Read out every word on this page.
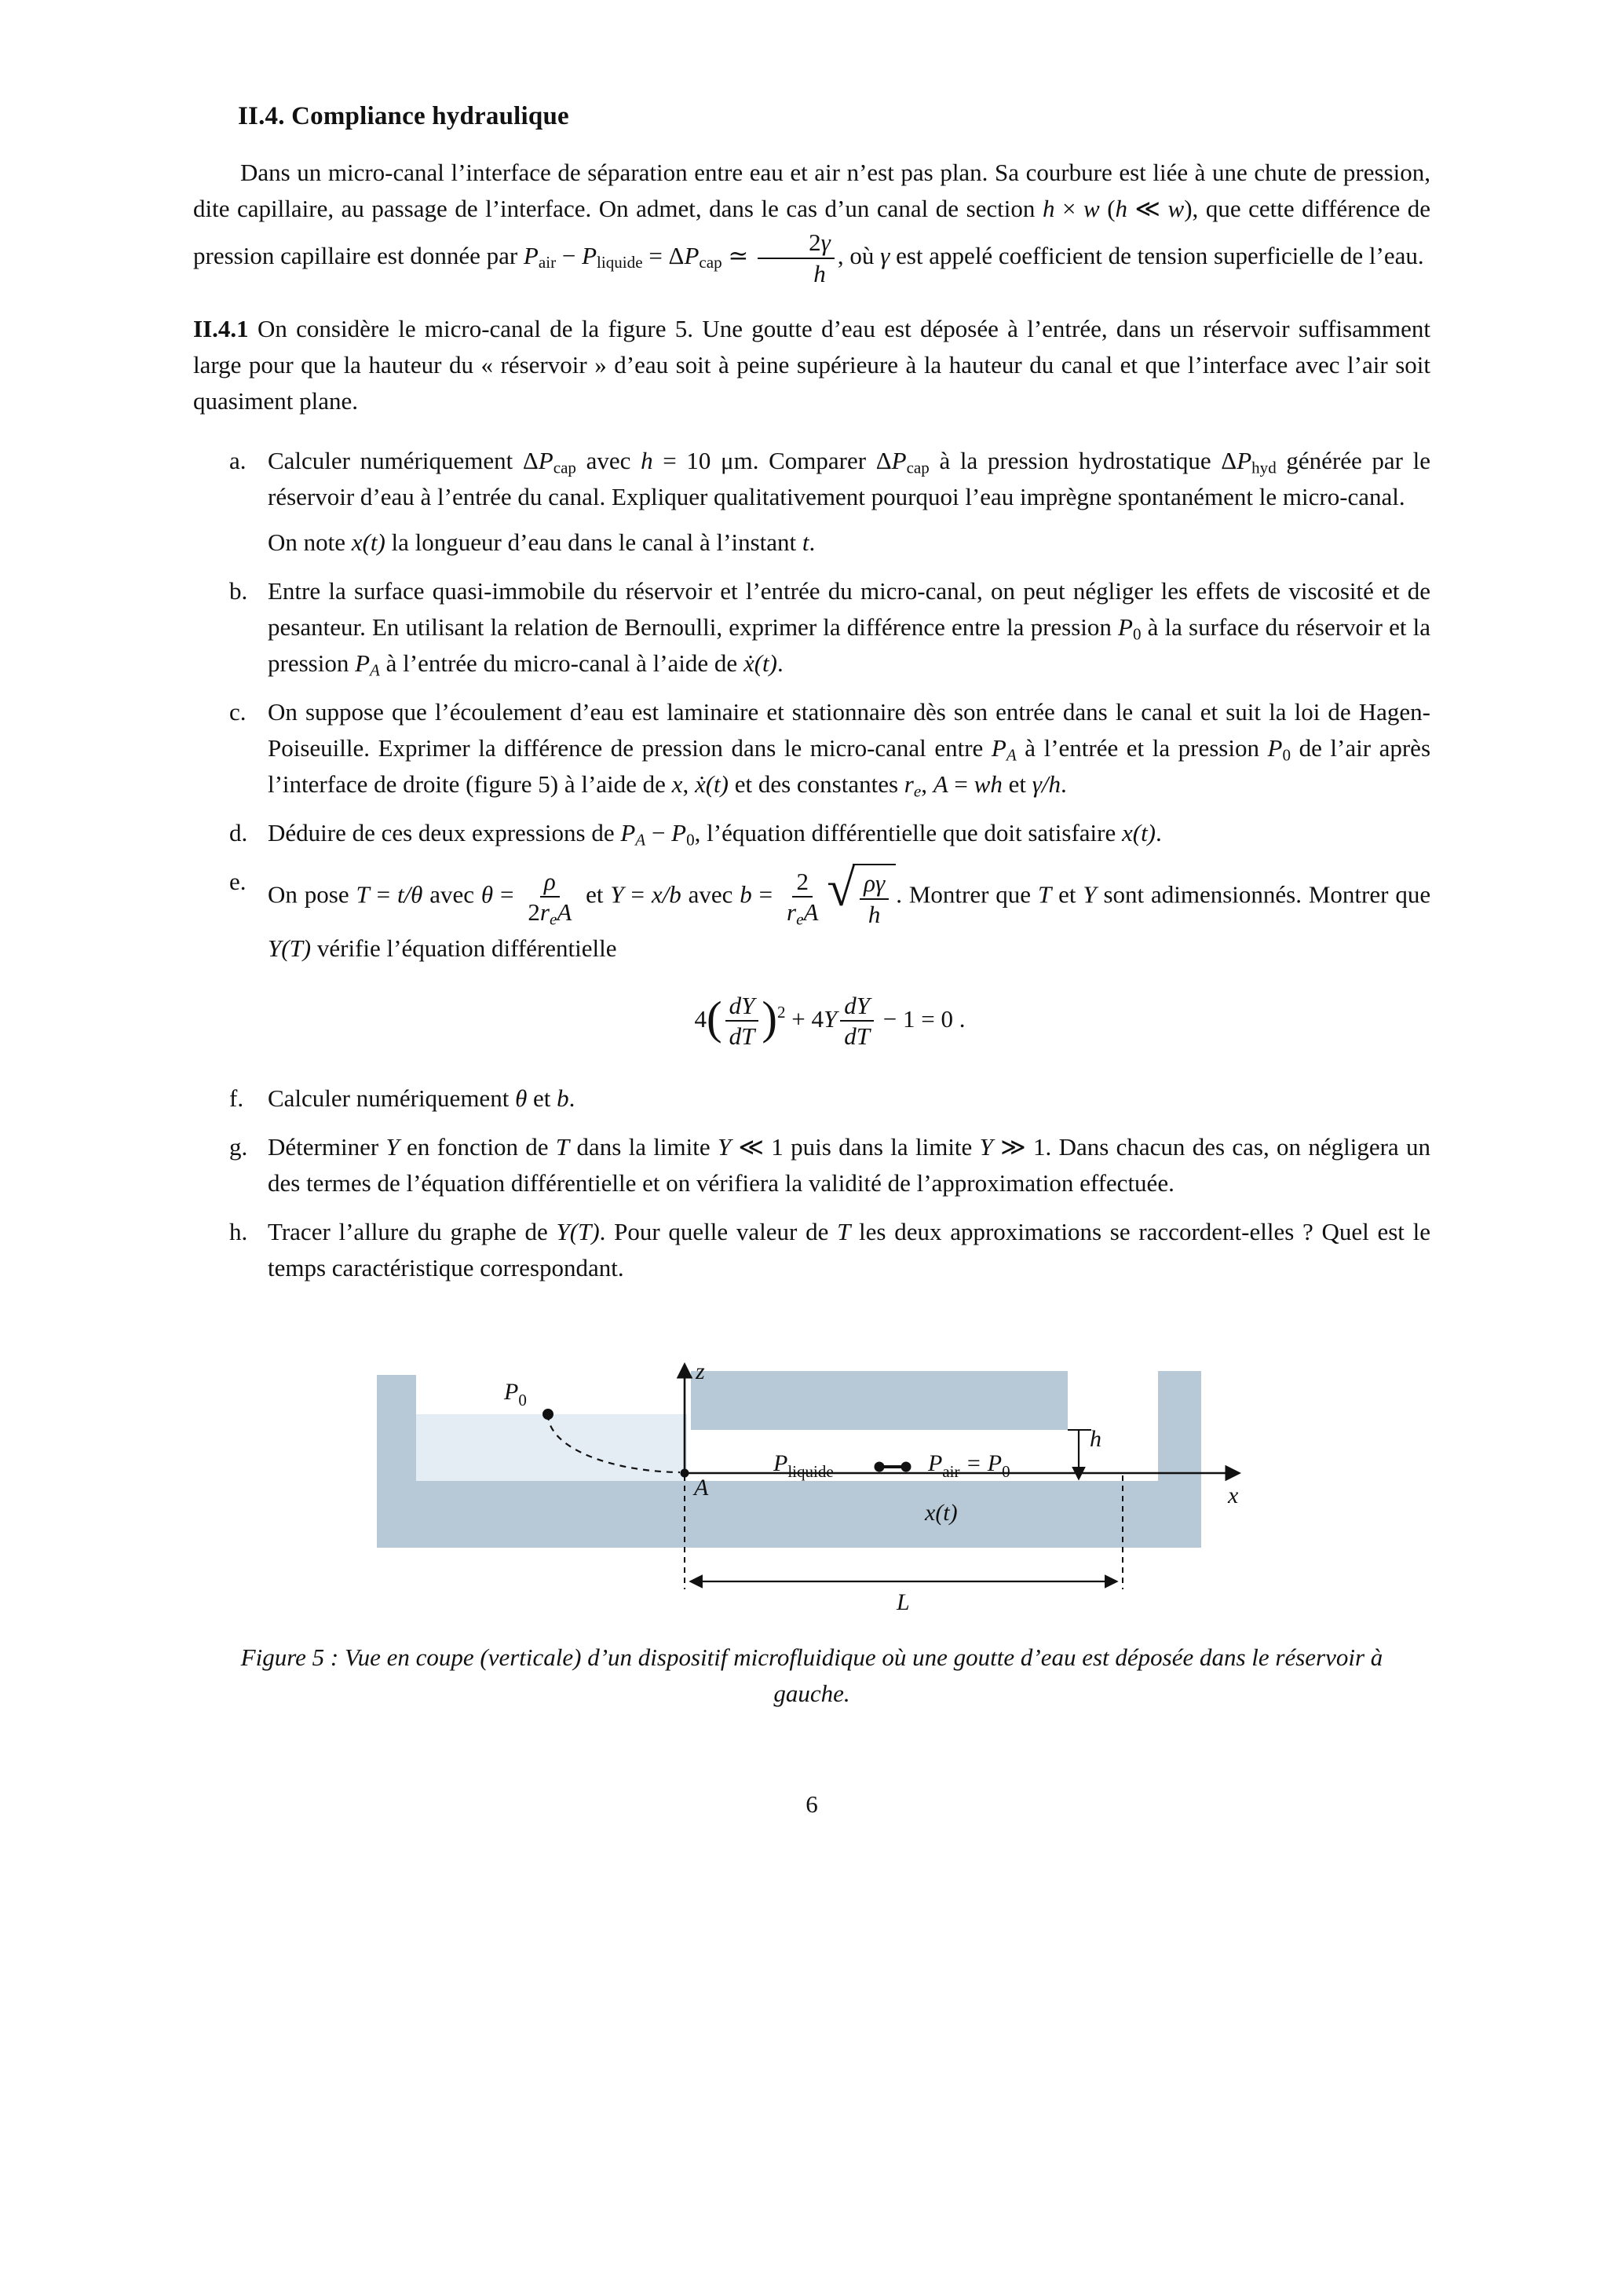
II.4. Compliance hydraulique

Dans un micro-canal l’interface de séparation entre eau et air n’est pas plan. Sa courbure est liée à une chute de pression, dite capillaire, au passage de l’interface. On admet, dans le cas d’un canal de section h × w (h ≪ w), que cette différence de pression capillaire est donnée par $P_{air} - P_{liquide} = \Delta P_{cap}$ ≃ $\frac{2\gamma}{h}$ , où γ est appelé coefficient de tension superficielle de l’eau.

II.4.1 On considère le micro-canal de la figure 5. Une goutte d’eau est déposée à l’entrée, dans un réservoir suffisamment large pour que la hauteur du « réservoir » d’eau soit à peine supérieure à la hauteur du canal et que l’interface avec l’air soit quasiment plane.

a. Calculer numériquement $\Delta P_{cap}$ avec h = 10 μm. Comparer $\Delta P_{cap}$ à la pression hydrostatique $\Delta P_{hyd}$ générée par le réservoir d’eau à l’entrée du canal. Expliquer qualitativement pourquoi l’eau imprègne spontanément le micro-canal.

On note x(t) la longueur d’eau dans le canal à l’instant t.

b. Entre la surface quasi-immobile du réservoir et l’entrée du micro-canal, on peut négliger les effets de viscosité et de pesanteur. En utilisant la relation de Bernoulli, exprimer la différence entre la pression $P_0$ à la surface du réservoir et la pression $P_A$ à l’entrée du micro-canal à l’aide de ẋ(t).

c. On suppose que l’écoulement d’eau est laminaire et stationnaire dès son entrée dans le canal et suit la loi de Hagen-Poiseuille. Exprimer la différence de pression dans le micro-canal entre $P_A$ à l’entrée et la pression $P_0$ de l’air après l’interface de droite (figure 5) à l’aide de x, ẋ(t) et des constantes $r_e$, A = wh et γ/h.

d. Déduire de ces deux expressions de $P_A - P_0$, l’équation différentielle que doit satisfaire x(t).

e. On pose T = t/θ avec $\theta = \frac{\rho}{2r_eA}$ et Y = x/b avec $b = \frac{2}{r_eA}$ √ $\frac{\rho\gamma}{h}$ . Montrer que T et Y sont adimensionnés. Montrer que Y(T) vérifie l’équation différentielle

$4( \frac{dY}{dT} )^2 + 4Y \frac{dY}{dT} - 1 = 0$ .
f. Calculer numériquement θ et b.

g. Déterminer Y en fonction de T dans la limite Y ≪ 1 puis dans la limite Y ≫ 1. Dans chacun des cas, on négligera un des termes de l’équation différentielle et on vérifiera la validité de l’approximation effectuée.

h. Tracer l’allure du graphe de Y(T). Pour quelle valeur de T les deux approximations se raccordent-elles ? Quel est le temps caractéristique correspondant.

$P_0$
z
A
$P_{liquide}$	$P_{air} = P_0$
h
x
x(t)
L
Figure 5 : Vue en coupe (verticale) d’un dispositif microfluidique où une goutte d’eau est déposée dans le réservoir à gauche.
6
